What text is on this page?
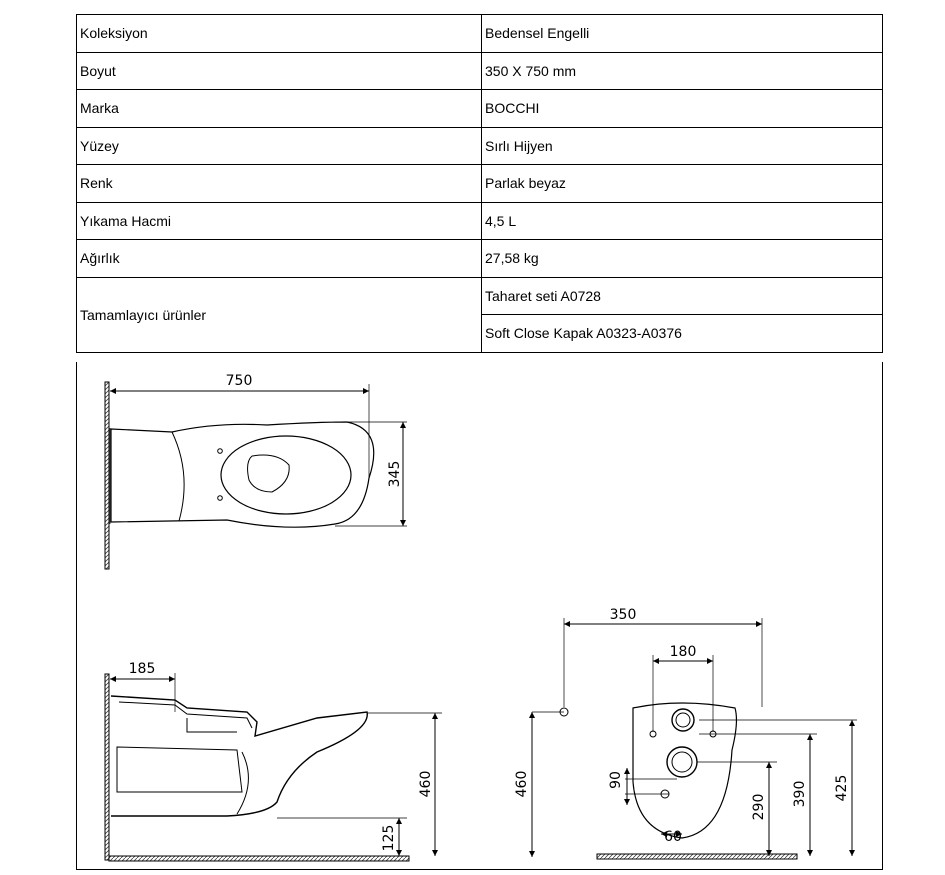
Koleksiyon	Bedensel Engelli
Boyut	350 X 750 mm
Marka	BOCCHI
Yüzey	Sırlı Hijyen
Renk	Parlak beyaz
Yıkama Hacmi	4,5 L
Ağırlık	27,58 kg
Tamamlayıcı ürünler	Taharet seti A0728
	Soft Close Kapak A0323-A0376
750
345
185
460
125
350
180
460	90
60
290 390 425
